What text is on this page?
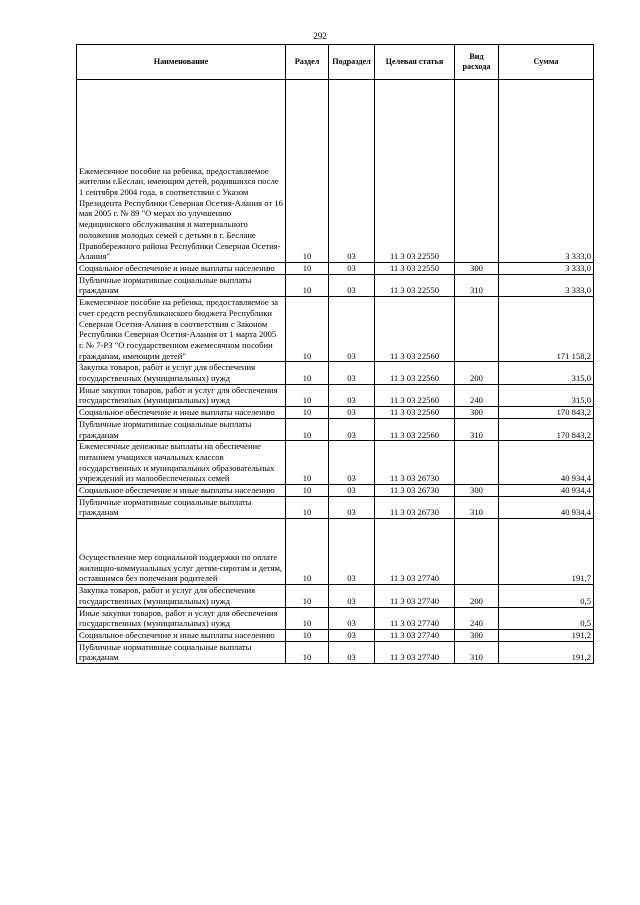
292
Наименование	Раздел	Подраздел	Целевая статья	Вид расхода	Сумма
Ежемесячное пособие на ребенка, предоставляемое жителям г.Беслан, имеющим детей, родившихся после 1 сентября 2004 года, в соответствии с Указом Президента Республики Северная Осетия-Алания от 16 мая 2005 г. № 89 "О мерах по улучшению медицинского обслуживания и материального положения молодых семей с детьми в г. Беслане Правобережного района Республики Северная Осетия-Алания"	10	03	11 3 03 22550		3 333,0
Социальное обеспечение и иные выплаты населению	10	03	11 3 03 22550	300	3 333,0
Публичные нормативные социальные выплаты гражданам	10	03	11 3 03 22550	310	3 333,0
Ежемесячное пособие на ребенка, предоставляемое за счет средств республиканского бюджета Республики Северная Осетия-Алания в соответствии с Законом Республики Северная Осетия-Алания от 1 марта 2005 г. № 7-РЗ "О государственном ежемесячном пособии гражданам, имеющим детей"	10	03	11 3 03 22560		171 158,2
Закупка товаров, работ и услуг для обеспечения государственных (муниципальных) нужд	10	03	11 3 03 22560	200	315,0
Иные закупки товаров, работ и услуг для обеспечения государственных (муниципальных) нужд	10	03	11 3 03 22560	240	315,0
Социальное обеспечение и иные выплаты населению	10	03	11 3 03 22560	300	170 843,2
Публичные нормативные социальные выплаты гражданам	10	03	11 3 03 22560	310	170 843,2
Ежемесячные денежные выплаты на обеспечение питанием учащихся начальных классов государственных и муниципальных образовательных учреждений из малообеспеченных семей	10	03	11 3 03 26730		40 934,4
Социальное обеспечение и иные выплаты населению	10	03	11 3 03 26730	300	40 934,4
Публичные нормативные социальные выплаты гражданам	10	03	11 3 03 26730	310	40 934,4
Осуществление мер социальной поддержки по оплате жилищно-коммунальных услуг детям-сиротам и детям, оставшимся без попечения родителей	10	03	11 3 03 27740		191,7
Закупка товаров, работ и услуг для обеспечения государственных (муниципальных) нужд	10	03	11 3 03 27740	200	0,5
Иные закупки товаров, работ и услуг для обеспечения государственных (муниципальных) нужд	10	03	11 3 03 27740	240	0,5
Социальное обеспечение и иные выплаты населению	10	03	11 3 03 27740	300	191,2
Публичные нормативные социальные выплаты гражданам	10	03	11 3 03 27740	310	191,2
